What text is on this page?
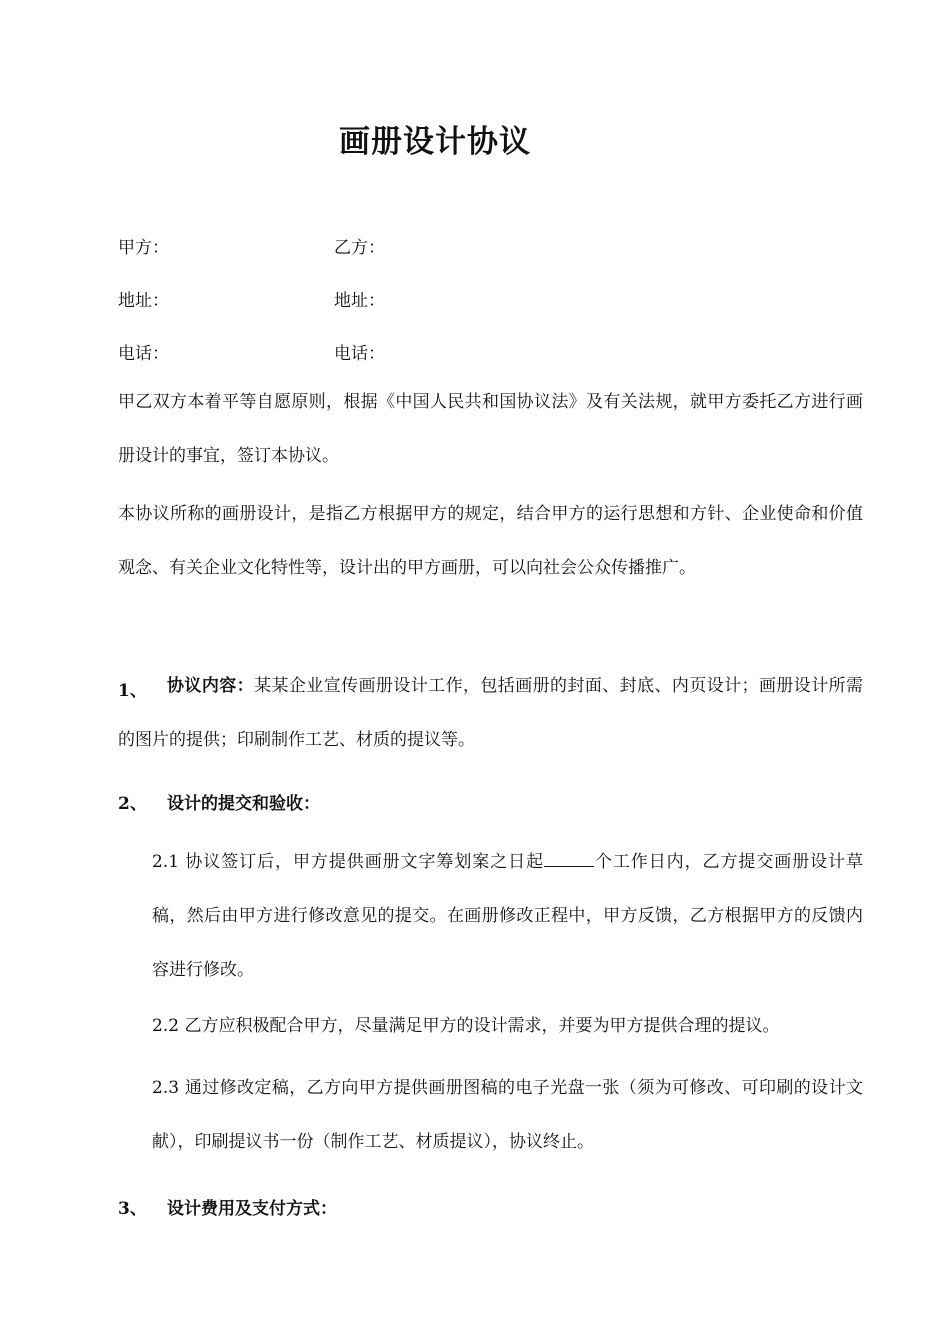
画册设计协议
甲方：	乙方：
地址：	地址：
电话：	电话：
甲乙双方本着平等自愿原则，根据《中国人民共和国协议法》及有关法规，就甲方委托乙方进行画册设计的事宜，签订本协议。
本协议所称的画册设计，是指乙方根据甲方的规定，结合甲方的运行思想和方针、企业使命和价值观念、有关企业文化特性等，设计出的甲方画册，可以向社会公众传播推广。
1、	协议内容：某某企业宣传画册设计工作，包括画册的封面、封底、内页设计；画册设计所需的图片的提供；印刷制作工艺、材质的提议等。
2、 设计的提交和验收：
2.1 协议签订后，甲方提供画册文字筹划案之日起	个工作日内，乙方提交画册设计草稿，然后由甲方进行修改意见的提交。在画册修改正程中，甲方反馈，乙方根据甲方的反馈内容进行修改。
2.2 乙方应积极配合甲方，尽量满足甲方的设计需求，并要为甲方提供合理的提议。
2.3 通过修改定稿，乙方向甲方提供画册图稿的电子光盘一张（须为可修改、可印刷的设计文献），印刷提议书一份（制作工艺、材质提议），协议终止。
3、 设计费用及支付方式：
